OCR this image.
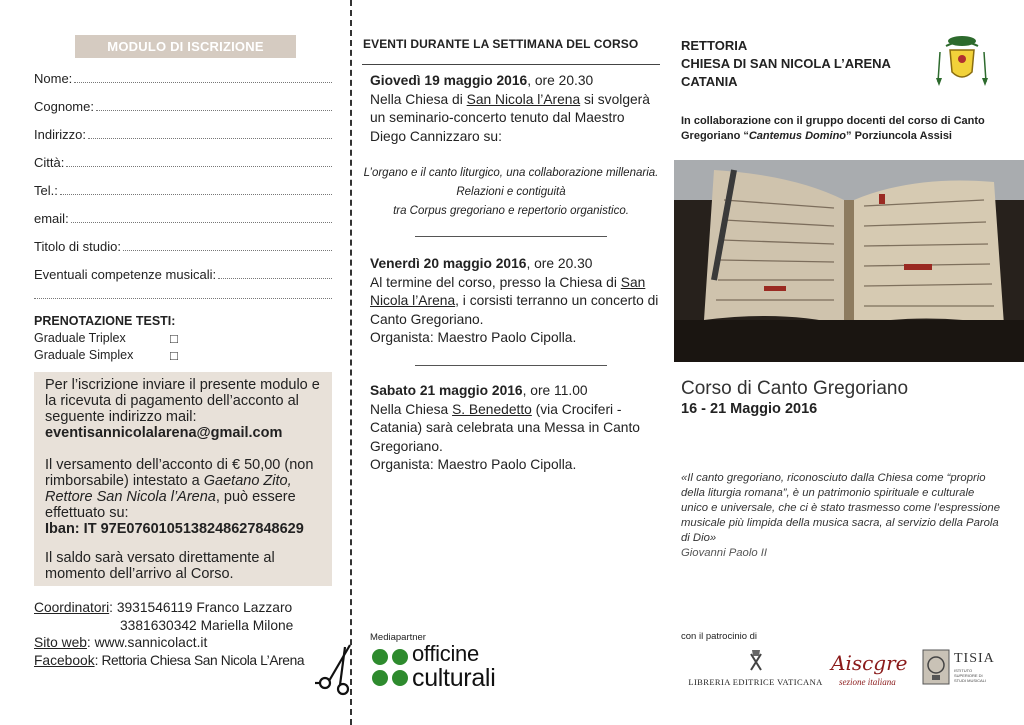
MODULO DI ISCRIZIONE
Nome:
Cognome:
Indirizzo:
Città:
Tel.:
email:
Titolo di studio:
Eventuali competenze musicali:
PRENOTAZIONE TESTI:
Graduale Triplex	□
Graduale Simplex	□

Per l’iscrizione inviare il presente modulo e la ricevuta di pagamento dell’acconto al seguente indirizzo mail:
eventisannicolalarena@gmail.com

Il versamento dell’acconto di € 50,00 (non rimborsabile) intestato a Gaetano Zito, Rettore San Nicola l’Arena, può essere effettuato su:
Iban: IT 97E0760105138248627848629

Il saldo sarà versato direttamente al momento dell’arrivo al Corso.

Coordinatori: 3931546119 Franco Lazzaro
3381630342 Mariella Milone
Sito web: www.sannicolact.it
Facebook: Rettoria Chiesa San Nicola L’Arena
EVENTI DURANTE LA SETTIMANA DEL CORSO
Giovedì 19 maggio 2016, ore 20.30
Nella Chiesa di San Nicola l’Arena si svolgerà un seminario-concerto tenuto dal Maestro Diego Cannizzaro su:
L’organo e il canto liturgico, una collaborazione millenaria.
Relazioni e contiguità
tra Corpus gregoriano e repertorio organistico.
Venerdì 20 maggio 2016, ore 20.30
Al termine del corso, presso la Chiesa di San Nicola l’Arena, i corsisti terranno un concerto di Canto Gregoriano.
Organista: Maestro Paolo Cipolla.
Sabato 21 maggio 2016, ore 11.00
Nella Chiesa S. Benedetto (via Crociferi - Catania) sarà celebrata una Messa in Canto Gregoriano.
Organista: Maestro Paolo Cipolla.
Mediapartner
officine
culturali
RETTORIA
CHIESA DI SAN NICOLA L’ARENA
CATANIA
In collaborazione con il gruppo docenti del corso di Canto Gregoriano “Cantemus Domino” Porziuncola Assisi
Corso di Canto Gregoriano
16 - 21 Maggio 2016
«Il canto gregoriano, riconosciuto dalla Chiesa come “proprio della liturgia romana”, è un patrimonio spirituale e culturale unico e universale, che ci è stato trasmesso come l’espressione musicale più limpida della musica sacra, al servizio della Parola di Dio»
Giovanni Paolo II
con il patrocinio di
LIBRERIA EDITRICE VATICANA
Aiscgre
sezione italiana
TISIA
ISTITUTO SUPERIORE DI STUDI MUSICALI
